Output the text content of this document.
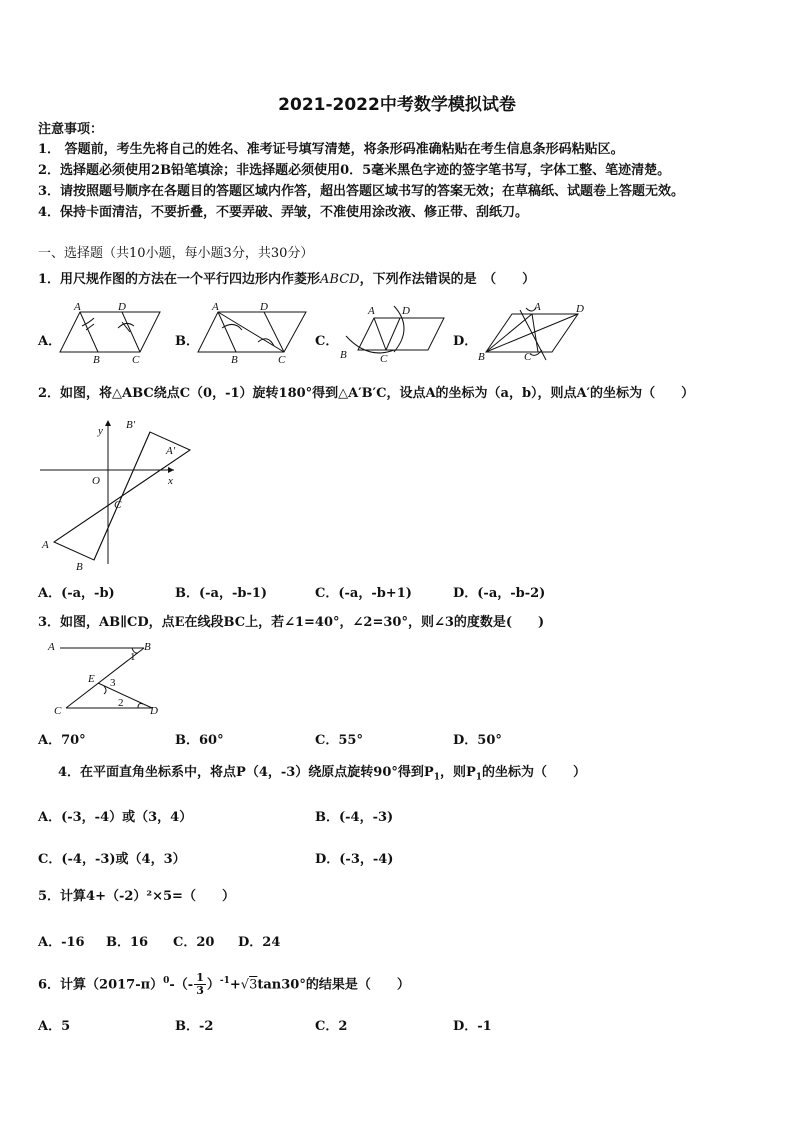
2021-2022中考数学模拟试卷
注意事项：
1． 答题前，考生先将自己的姓名、准考证号填写清楚，将条形码准确粘贴在考生信息条形码粘贴区。
2．选择题必须使用2B铅笔填涂；非选择题必须使用0．5毫米黑色字迹的签字笔书写，字体工整、笔迹清楚。
3．请按照题号顺序在各题目的答题区域内作答，超出答题区域书写的答案无效；在草稿纸、试题卷上答题无效。
4．保持卡面清洁，不要折叠，不要弄破、弄皱，不准使用涂改液、修正带、刮纸刀。
一、选择题（共10小题，每小题3分，共30分）
1．用尺规作图的方法在一个平行四边形内作菱形ABCD，下列作法错误的是　（　　）
A．
A	D
B	C
B．
A	D
B	C
C．
A D
B	C
D．
A	D
B	C
2．如图，将△ABC绕点C（0，-1）旋转180°得到△A′B′C，设点A的坐标为（a，b），则点A′的坐标为（　　）
y
x
O
C
A
B
B'
A'
A．(-a，-b)	B．(-a，-b-1)	C．(-a，-b+1)	D．(-a，-b-2)
3．如图，AB∥CD，点E在线段BC上，若∠1=40°，∠2=30°，则∠3的度数是(　　)
A	B
C	D
E
1
2
3
A．70°	B．60°	C．55°	D．50°
4．在平面直角坐标系中，将点P（4，-3）绕原点旋转90°得到$P_1$，则$P_1$的坐标为（　　）
A．(-3，-4）或（3，4）	B．(-4，-3)
C．(-4，-3)或（4，3）	D．(-3，-4)
5．计算4+（-2）²×5=（　　）
A．-16 B．16 C．20 D．24
6．计算$(2017-\pi)^0-(- \frac{1}{3} )^{-1}+√3\tan 30^\circ$的结果是（　　）
A．5	B．-2	C．2	D．-1
